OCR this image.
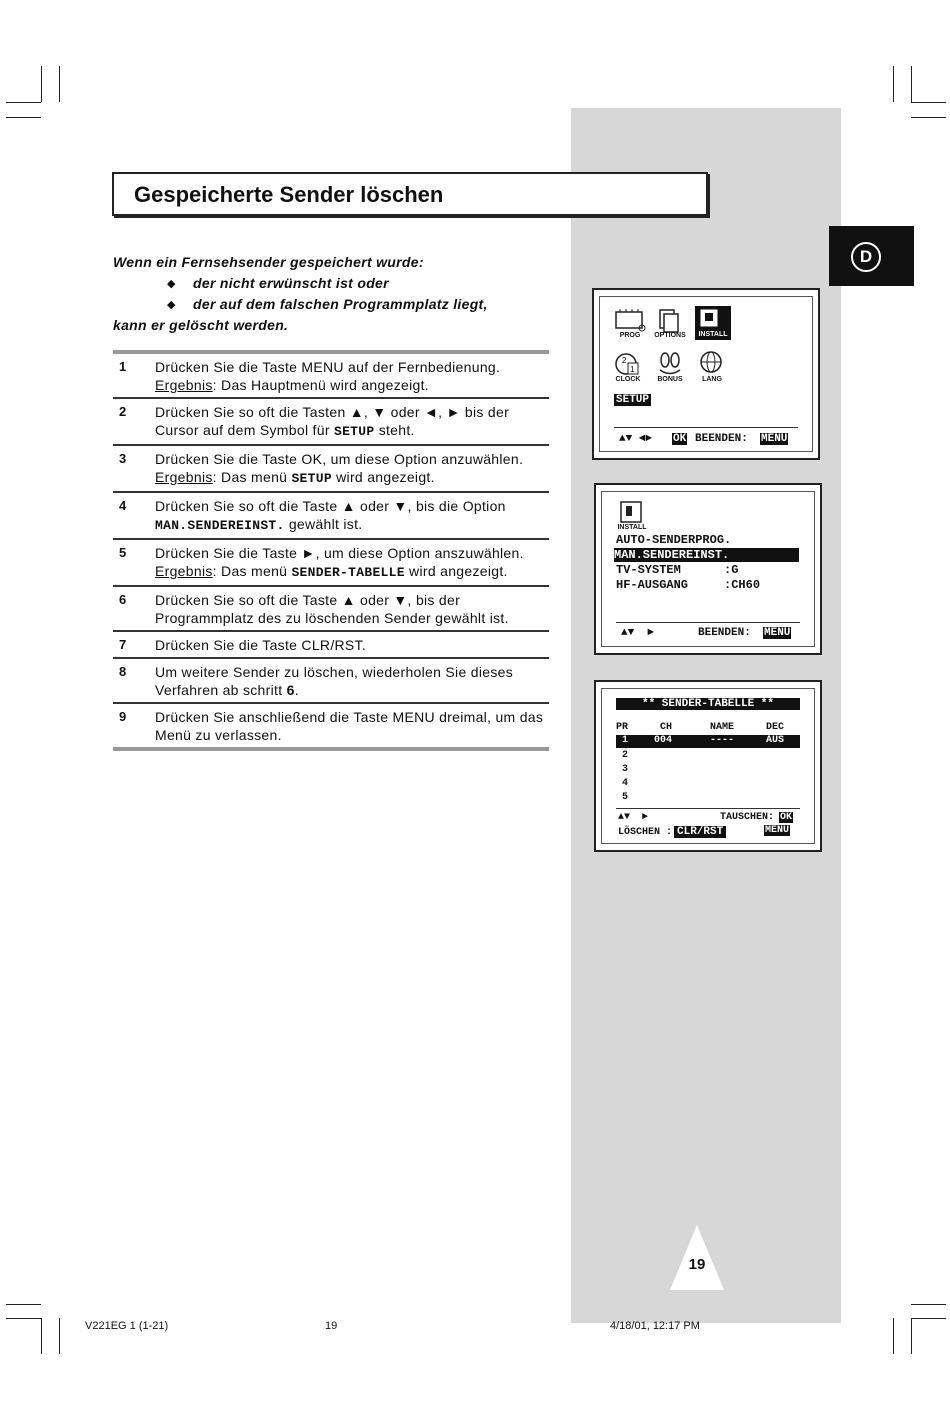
Gespeicherte Sender löschen
D
Wenn ein Fernsehsender gespeichert wurde:
◆ der nicht erwünscht ist oder
◆ der auf dem falschen Programmplatz liegt,
kann er gelöscht werden.
1 Drücken Sie die Taste MENU auf der Fernbedienung.
Ergebnis: Das Hauptmenü wird angezeigt.
2 Drücken Sie so oft die Tasten ▲, ▼ oder ◄, ► bis der Cursor auf dem Symbol für SETUP steht.
3 Drücken Sie die Taste OK, um diese Option anzuwählen.
Ergebnis: Das menü SETUP wird angezeigt.
4 Drücken Sie so oft die Taste ▲ oder ▼, bis die Option
MAN.SENDEREINST. gewählt ist.
5 Drücken Sie die Taste ►, um diese Option anszuwählen.
Ergebnis: Das menü SENDER-TABELLE wird angezeigt.
6 Drücken Sie so oft die Taste ▲ oder ▼, bis der Programmplatz des zu löschenden Sender gewählt ist.
7 Drücken Sie die Taste CLR/RST.
8 Um weitere Sender zu löschen, wiederholen Sie dieses Verfahren ab schritt 6.
9 Drücken Sie anschließend die Taste MENU dreimal, um das Menü zu verlassen.
PROG	OPTIONS	INSTALL
2
1
CLOCK	BONUS	LANG
SETUP
▲▼ ◄► OK BEENDEN: MENU
INSTALL
AUTO-SENDERPROG.
MAN.SENDEREINST.
TV-SYSTEM      :G
HF-AUSGANG     :CH60
▲▼  ►	BEENDEN: MENU
** SENDER-TABELLE **
PR	CH	NAME	DEC
1	004	----	AUS
2
3
4
5
▲▼  ►	TAUSCHEN: OK
LÖSCHEN : CLR/RST	MENU
19
V221EG 1 (1-21)	19	4/18/01, 12:17 PM
